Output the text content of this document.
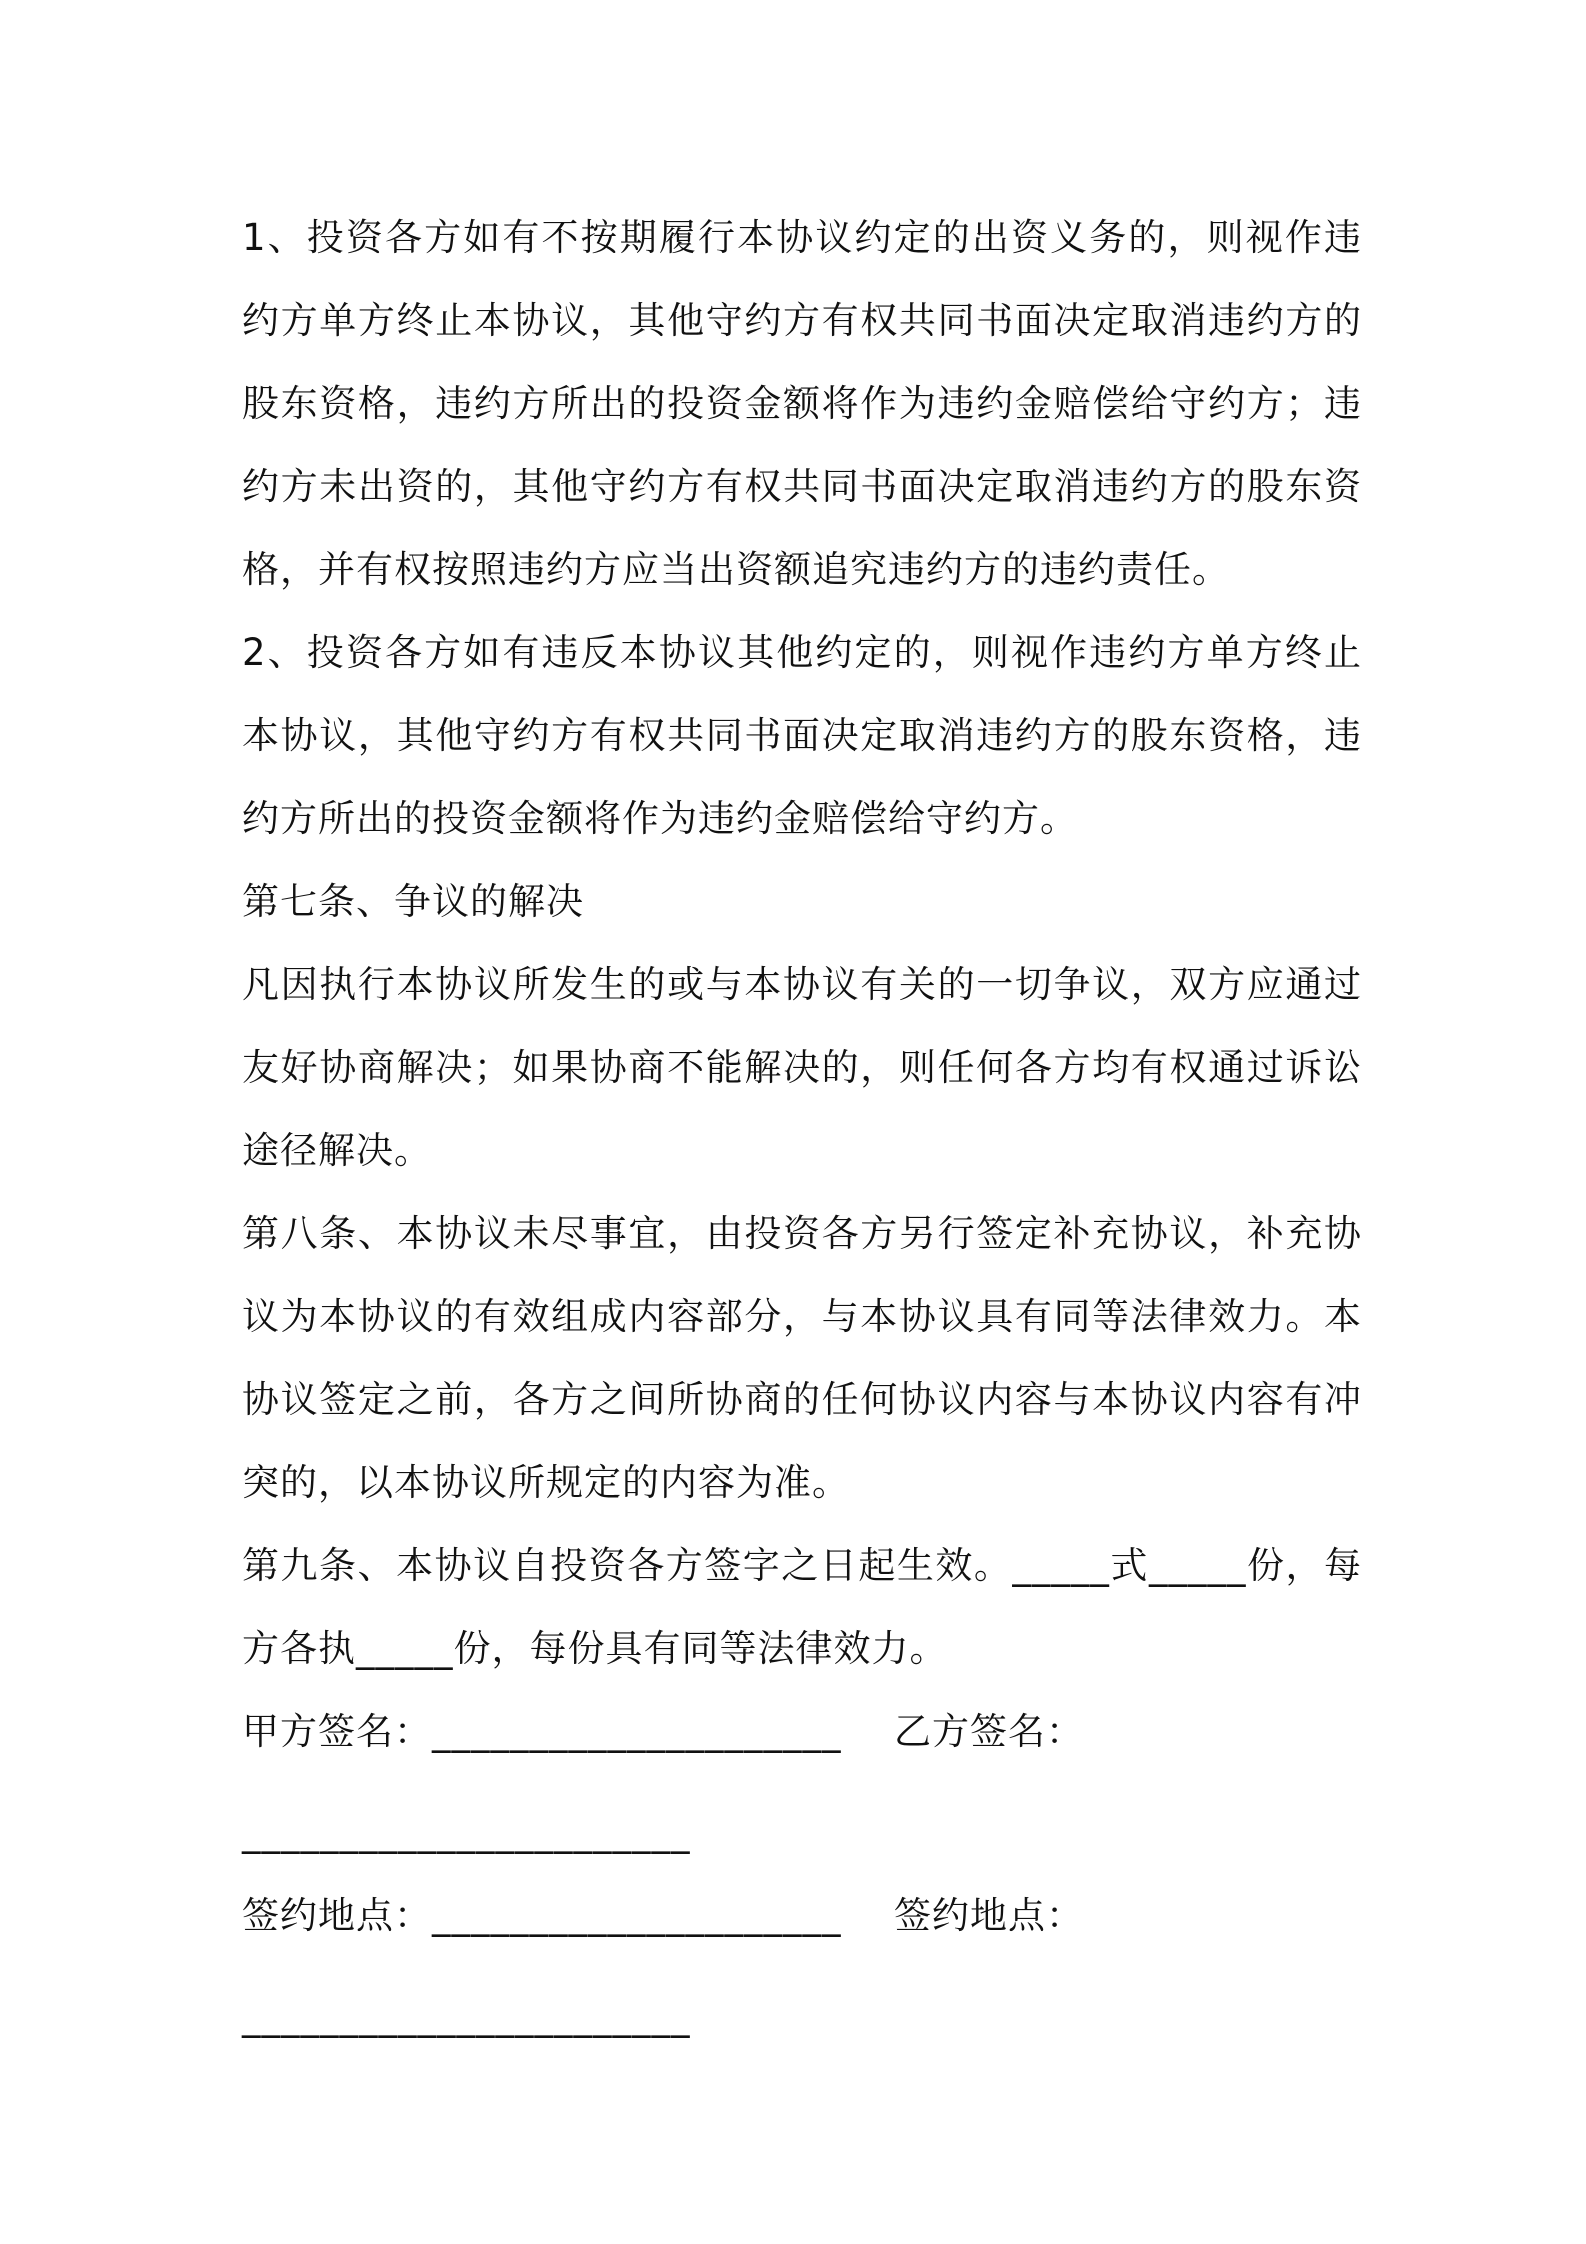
1、投资各方如有不按期履行本协议约定的出资义务的，则视作违约方单方终止本协议，其他守约方有权共同书面决定取消违约方的股东资格，违约方所出的投资金额将作为违约金赔偿给守约方；违约方未出资的，其他守约方有权共同书面决定取消违约方的股东资格，并有权按照违约方应当出资额追究违约方的违约责任。

2、投资各方如有违反本协议其他约定的，则视作违约方单方终止本协议，其他守约方有权共同书面决定取消违约方的股东资格，违约方所出的投资金额将作为违约金赔偿给守约方。

第七条、争议的解决

凡因执行本协议所发生的或与本协议有关的一切争议，双方应通过友好协商解决；如果协商不能解决的，则任何各方均有权通过诉讼途径解决。

第八条、本协议未尽事宜，由投资各方另行签定补充协议，补充协议为本协议的有效组成内容部分，与本协议具有同等法律效力。本协议签定之前，各方之间所协商的任何协议内容与本协议内容有冲突的，以本协议所规定的内容为准。

第九条、本协议自投资各方签字之日起生效。_____式_____份，每方各执_____份，每份具有同等法律效力。

甲方签名：_____________________	乙方签名：
_______________________
签约地点：_____________________	签约地点：
_______________________
